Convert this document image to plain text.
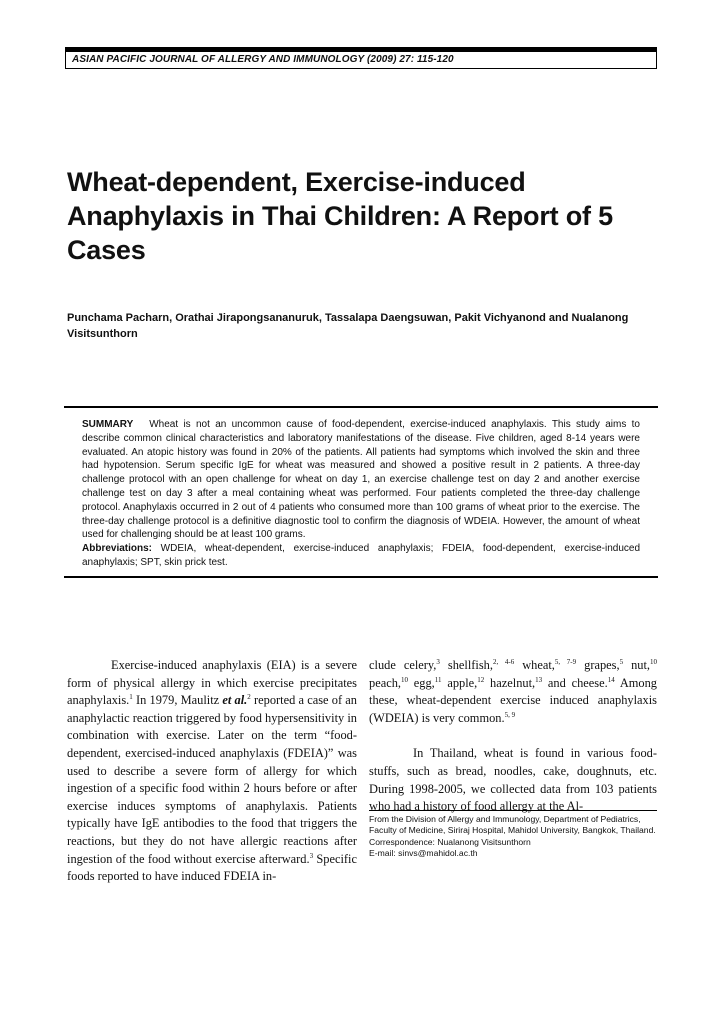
ASIAN PACIFIC JOURNAL OF ALLERGY AND IMMUNOLOGY (2009) 27: 115-120
Wheat-dependent, Exercise-induced Anaphylaxis in Thai Children: A Report of 5 Cases
Punchama Pacharn, Orathai Jirapongsananuruk, Tassalapa Daengsuwan, Pakit Vichyanond and Nualanong Visitsunthorn

SUMMARY Wheat is not an uncommon cause of food-dependent, exercise-induced anaphylaxis. This study aims to describe common clinical characteristics and laboratory manifestations of the disease. Five children, aged 8-14 years were evaluated. An atopic history was found in 20% of the patients. All patients had symptoms which involved the skin and three had hypotension. Serum specific IgE for wheat was measured and showed a positive result in 2 patients. A three-day challenge protocol with an open challenge for wheat on day 1, an exercise challenge test on day 2 and another exercise challenge test on day 3 after a meal containing wheat was performed. Four patients completed the three-day challenge protocol. Anaphylaxis occurred in 2 out of 4 patients who consumed more than 100 grams of wheat prior to the exercise. The three-day challenge protocol is a definitive diagnostic tool to confirm the diagnosis of WDEIA. However, the amount of wheat used for challenging should be at least 100 grams.

Abbreviations: WDEIA, wheat-dependent, exercise-induced anaphylaxis; FDEIA, food-dependent, exercise-induced anaphylaxis; SPT, skin prick test.

Exercise-induced anaphylaxis (EIA) is a severe form of physical allergy in which exercise precipitates anaphylaxis.$^1$ In 1979, Maulitz et al.$^2$ reported a case of an anaphylactic reaction triggered by food hypersensitivity in combination with exercise. Later on the term “food-dependent, exercised-induced anaphylaxis (FDEIA)” was used to describe a severe form of allergy for which ingestion of a specific food within 2 hours before or after exercise induces symptoms of anaphylaxis. Patients typically have IgE antibodies to the food that triggers the reactions, but they do not have allergic reactions after ingestion of the food without exercise afterward.$^3$ Specific foods reported to have induced FDEIA in-

clude celery,$^3$ shellfish,$^{2, 4-6}$ wheat,$^{5, 7-9}$ grapes,$^5$ nut,$^{10}$ peach,$^{10}$ egg,$^{11}$ apple,$^{12}$ hazelnut,$^{13}$ and cheese.$^{14}$ Among these, wheat-dependent exercise induced anaphylaxis (WDEIA) is very common.$^{5, 9}$

In Thailand, wheat is found in various food-stuffs, such as bread, noodles, cake, doughnuts, etc. During 1998-2005, we collected data from 103 patients who had a history of food allergy at the Al-

From the Division of Allergy and Immunology, Department of Pediatrics, Faculty of Medicine, Siriraj Hospital, Mahidol University, Bangkok, Thailand.

Correspondence: Nualanong Visitsunthorn

E-mail: sinvs@mahidol.ac.th
